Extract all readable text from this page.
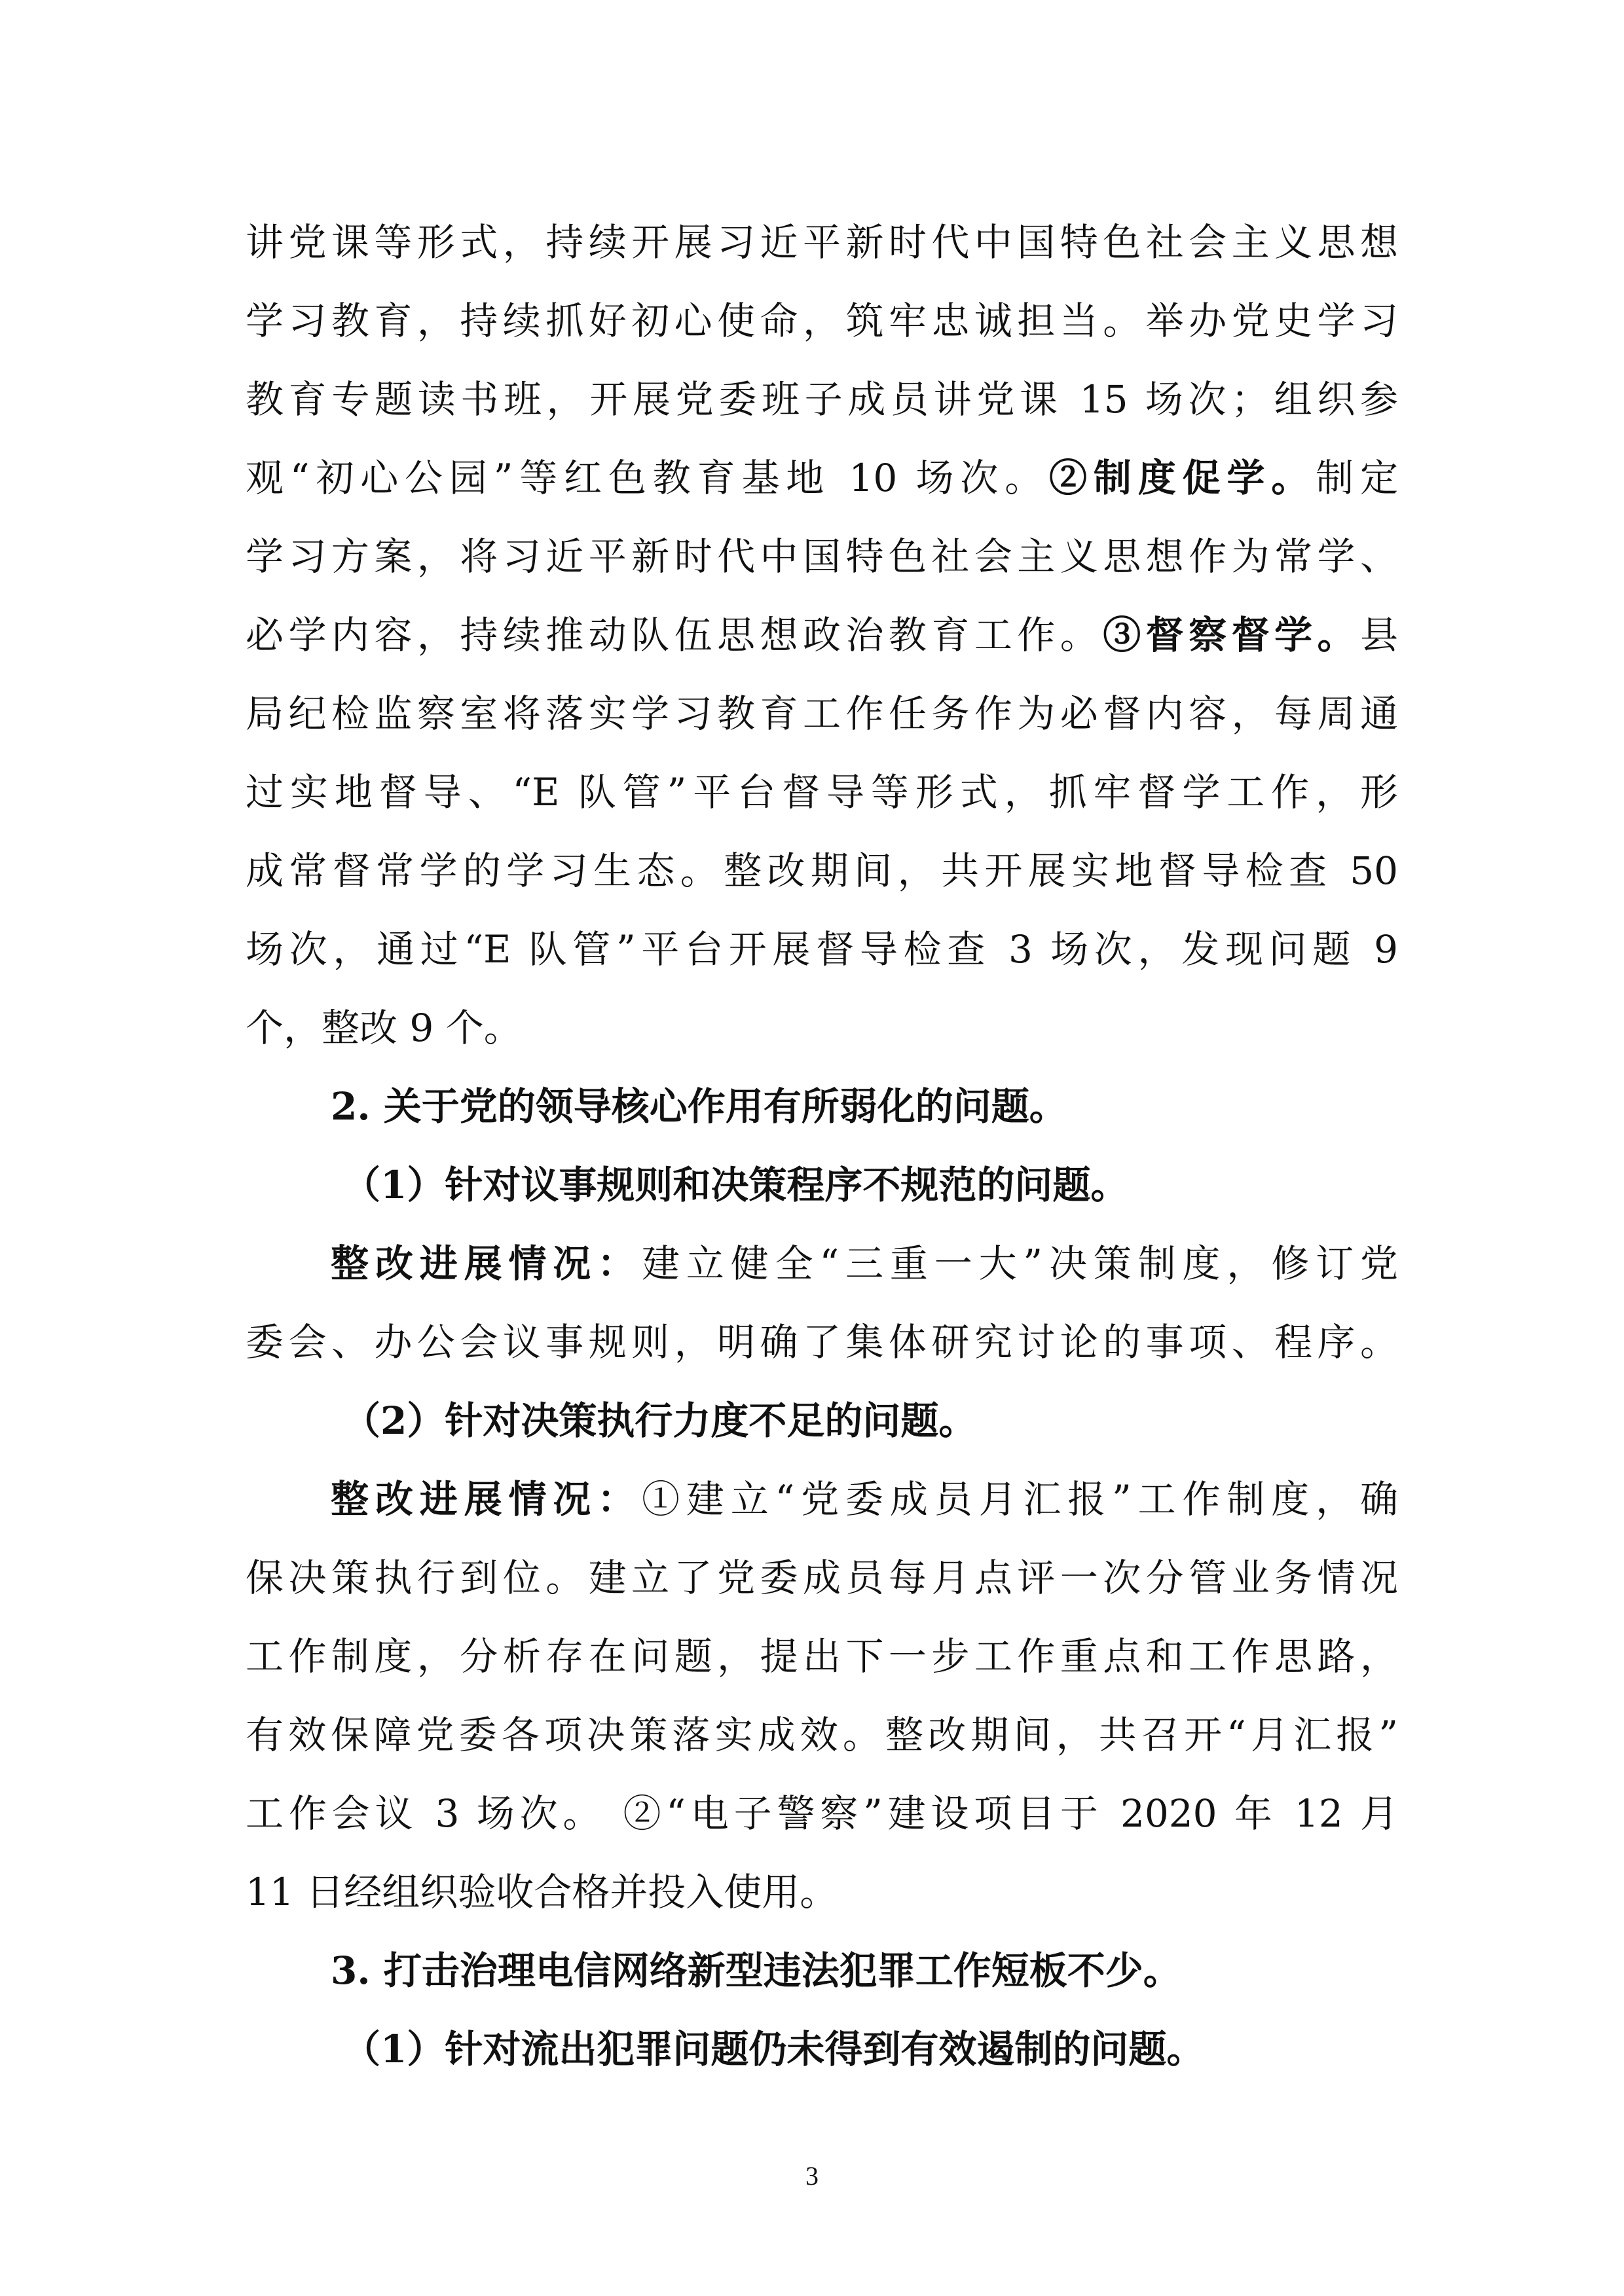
讲党课等形式，持续开展习近平新时代中国特色社会主义思想
学习教育，持续抓好初心使命，筑牢忠诚担当。举办党史学习
教育专题读书班，开展党委班子成员讲党课 15 场次；组织参
观“初心公园”等红色教育基地 10 场次。②制度促学。制定
学习方案，将习近平新时代中国特色社会主义思想作为常学、
必学内容，持续推动队伍思想政治教育工作。③督察督学。县
局纪检监察室将落实学习教育工作任务作为必督内容，每周通
过实地督导、“E 队管”平台督导等形式，抓牢督学工作，形
成常督常学的学习生态。整改期间，共开展实地督导检查 50
场次，通过“E 队管”平台开展督导检查 3 场次，发现问题 9
个，整改 9 个。
2. 关于党的领导核心作用有所弱化的问题。
（1）针对议事规则和决策程序不规范的问题。
整改进展情况：建立健全“三重一大”决策制度，修订党
委会、办公会议事规则，明确了集体研究讨论的事项、程序。
（2）针对决策执行力度不足的问题。
整改进展情况：①建立“党委成员月汇报”工作制度，确
保决策执行到位。建立了党委成员每月点评一次分管业务情况
工作制度，分析存在问题，提出下一步工作重点和工作思路，
有效保障党委各项决策落实成效。整改期间，共召开“月汇报”
工作会议 3 场次。 ②“电子警察”建设项目于 2020 年 12 月
11 日经组织验收合格并投入使用。
3. 打击治理电信网络新型违法犯罪工作短板不少。
（1）针对流出犯罪问题仍未得到有效遏制的问题。
3
